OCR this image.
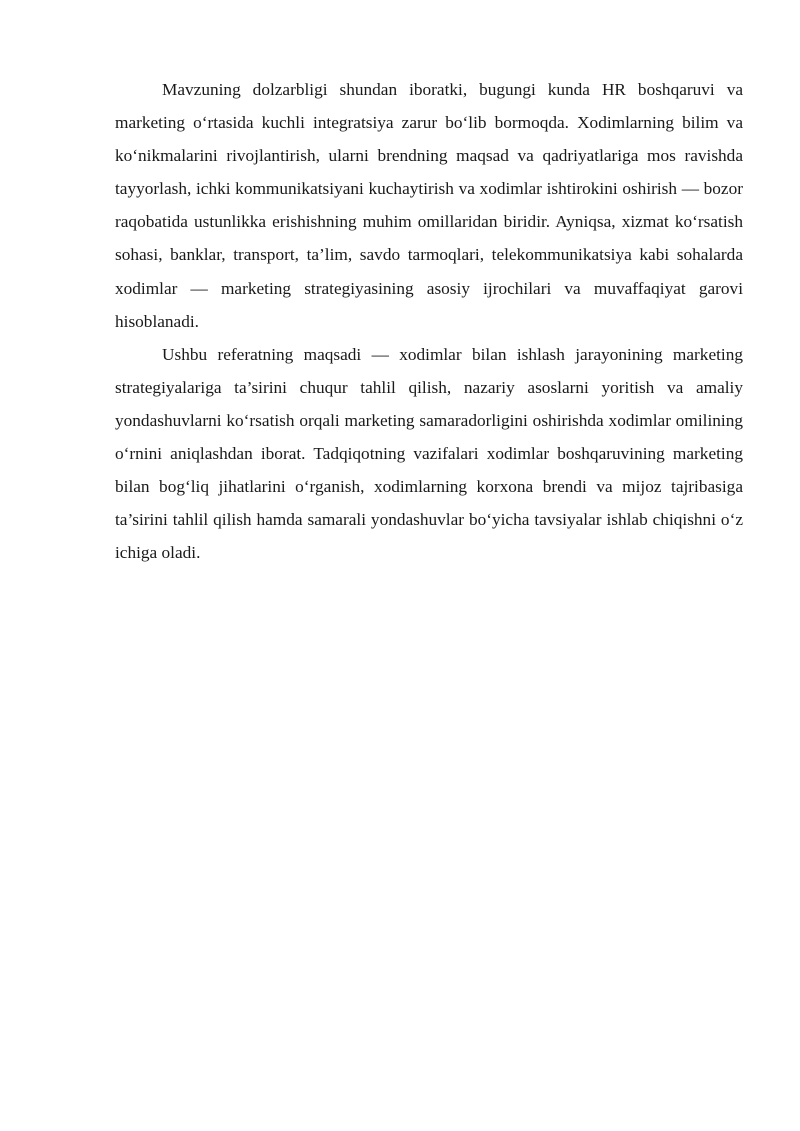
Mavzuning dolzarbligi shundan iboratki, bugungi kunda HR boshqaruvi va marketing o‘rtasida kuchli integratsiya zarur bo‘lib bormoqda. Xodimlarning bilim va ko‘nikmalarini rivojlantirish, ularni brendning maqsad va qadriyatlariga mos ravishda tayyorlash, ichki kommunikatsiyani kuchaytirish va xodimlar ishtirokini oshirish — bozor raqobatida ustunlikka erishishning muhim omillaridan biridir. Ayniqsa, xizmat ko‘rsatish sohasi, banklar, transport, ta’lim, savdo tarmoqlari, telekommunikatsiya kabi sohalarda xodimlar — marketing strategiyasining asosiy ijrochilari va muvaffaqiyat garovi hisoblanadi.

Ushbu referatning maqsadi — xodimlar bilan ishlash jarayonining marketing strategiyalariga ta’sirini chuqur tahlil qilish, nazariy asoslarni yoritish va amaliy yondashuvlarni ko‘rsatish orqali marketing samaradorligini oshirishda xodimlar omilining o‘rnini aniqlashdan iborat. Tadqiqotning vazifalari xodimlar boshqaruvining marketing bilan bog‘liq jihatlarini o‘rganish, xodimlarning korxona brendi va mijoz tajribasiga ta’sirini tahlil qilish hamda samarali yondashuvlar bo‘yicha tavsiyalar ishlab chiqishni o‘z ichiga oladi.
